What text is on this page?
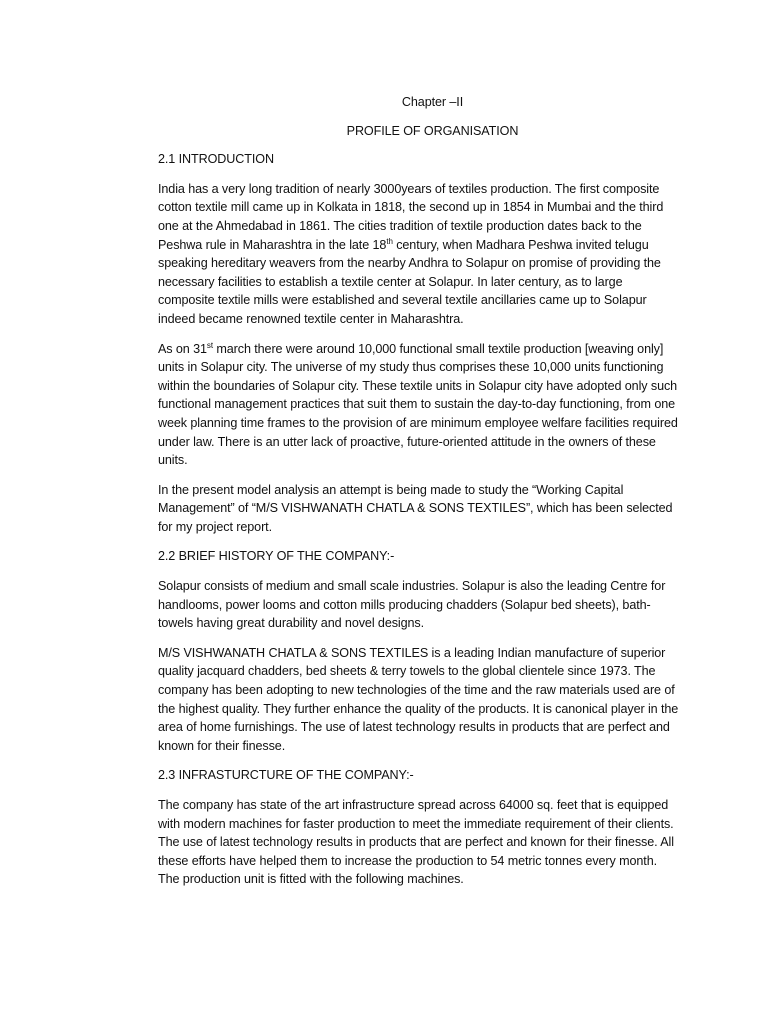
Chapter –II
PROFILE OF ORGANISATION
2.1 INTRODUCTION

India has a very long tradition of nearly 3000years of textiles production. The first composite cotton textile mill came up in Kolkata in 1818, the second up in 1854 in Mumbai and the third one at the Ahmedabad in 1861. The cities tradition of textile production dates back to the Peshwa rule in Maharashtra in the late 18th century, when Madhara Peshwa invited telugu speaking hereditary weavers from the nearby Andhra to Solapur on promise of providing the necessary facilities to establish a textile center at Solapur. In later century, as to large composite textile mills were established and several textile ancillaries came up to Solapur indeed became renowned textile center in Maharashtra.

As on 31st march there were around 10,000 functional small textile production [weaving only] units in Solapur city. The universe of my study thus comprises these 10,000 units functioning within the boundaries of Solapur city. These textile units in Solapur city have adopted only such functional management practices that suit them to sustain the day-to-day functioning, from one week planning time frames to the provision of are minimum employee welfare facilities required under law. There is an utter lack of proactive, future-oriented attitude in the owners of these units.

In the present model analysis an attempt is being made to study the “Working Capital Management” of “M/S VISHWANATH CHATLA & SONS TEXTILES”, which has been selected for my project report.

2.2 BRIEF HISTORY OF THE COMPANY:-

Solapur consists of medium and small scale industries. Solapur is also the leading Centre for handlooms, power looms and cotton mills producing chadders (Solapur bed sheets), bath-towels having great durability and novel designs.

M/S VISHWANATH CHATLA & SONS TEXTILES is a leading Indian manufacture of superior quality jacquard chadders, bed sheets & terry towels to the global clientele since 1973. The company has been adopting to new technologies of the time and the raw materials used are of the highest quality. They further enhance the quality of the products. It is canonical player in the area of home furnishings. The use of latest technology results in products that are perfect and known for their finesse.

2.3 INFRASTURCTURE OF THE COMPANY:-

The company has state of the art infrastructure spread across 64000 sq. feet that is equipped with modern machines for faster production to meet the immediate requirement of their clients. The use of latest technology results in products that are perfect and known for their finesse. All these efforts have helped them to increase the production to 54 metric tonnes every month. The production unit is fitted with the following machines.
